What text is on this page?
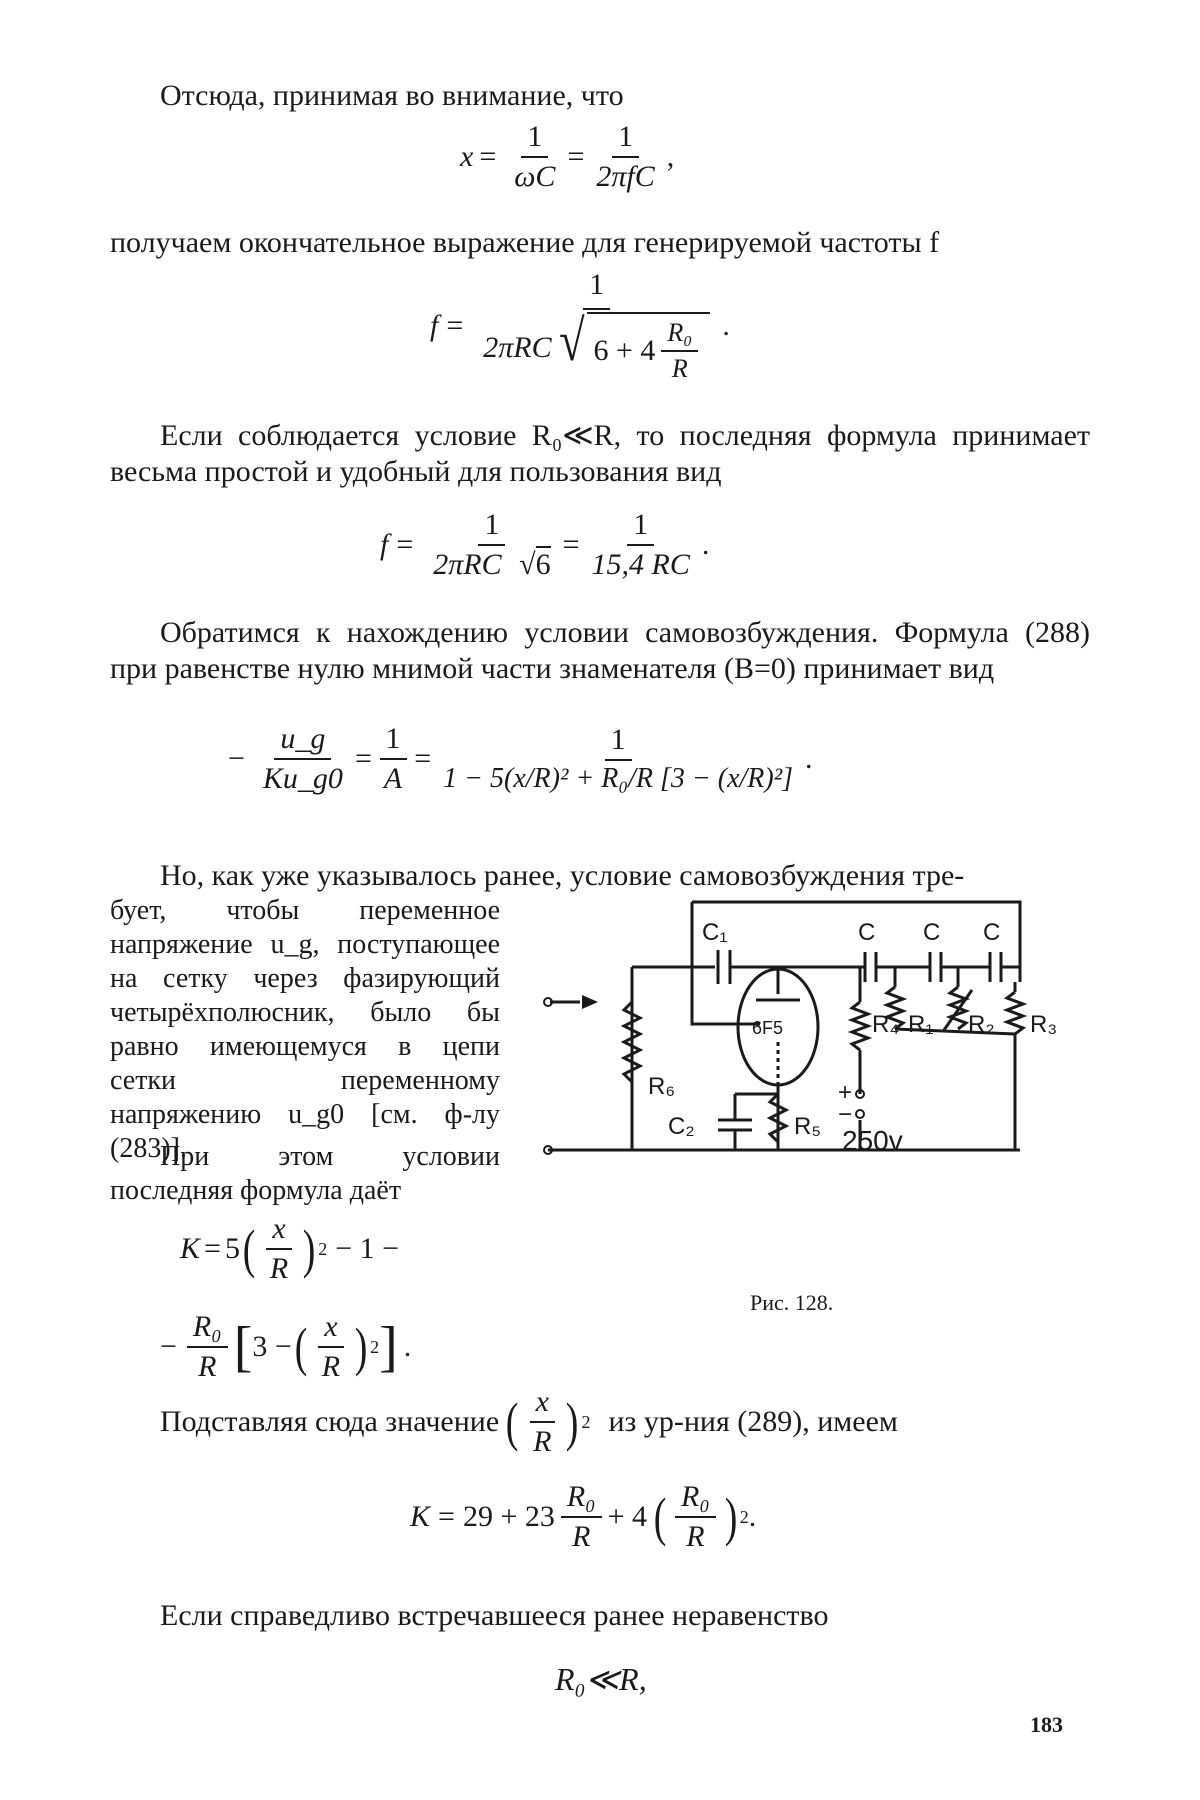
Отсюда, принимая во внимание, что

$x = \frac{1}{\omega C} = \frac{1}{\text{2πfC}}$ ,

получаем окончательное выражение для генерируемой частоты f

f =
1
2πRC √ $6 + 4 \frac{\text{R₀}}{R}$ .

Если соблюдается условие R₀≪R, то последняя формула принимает весьма простой и удобный для пользования вид

$f = \frac{1}{\text{2πRC √6}} = \frac{1}{15,4 RC}$ .

Обратимся к нахождению условии самовозбуждения. Формула (288) при равенстве нулю мнимой части знаменателя (B=0) принимает вид

− $\frac{u\_g}{Ku\_g0} = \frac{1}{A} = \frac{1}{\text{1 − 5(x/R)² + R₀/R [3 − (x/R)²]}}$ .

Но, как уже указывалось ранее, условие самовозбуждения тре-

бует, чтобы переменное напряжение u_g, поступающее на сетку через фазирующий четырёхполюсник, было бы равно имеющемуся в цепи сетки переменному напряжению u_g0 [см. ф-лу (283)].

При этом условии последняя формула даёт

K = 5 ( $\frac{x}{R}$ ) 2 − 1 −
− $\frac{\text{R₀}}{R}$ [ 3 − ( $\frac{x}{R}$ ) 2 ] .
C₁	C C C
6F5	R₄ R₁ R₂ R₃
R₆
C₂	R₅
+
−
250v
Рис. 128.
Подставляя сюда значение ( $\frac{x}{R}$ ) 2 из ур-ния (289), имеем
$K = 29 + 23 \frac{\text{R₀}}{R} + 4$ ( $\frac{\text{R₀}}{R}$ ) 2 .

Если справедливо встречавшееся ранее неравенство

R₀≪R,
183
